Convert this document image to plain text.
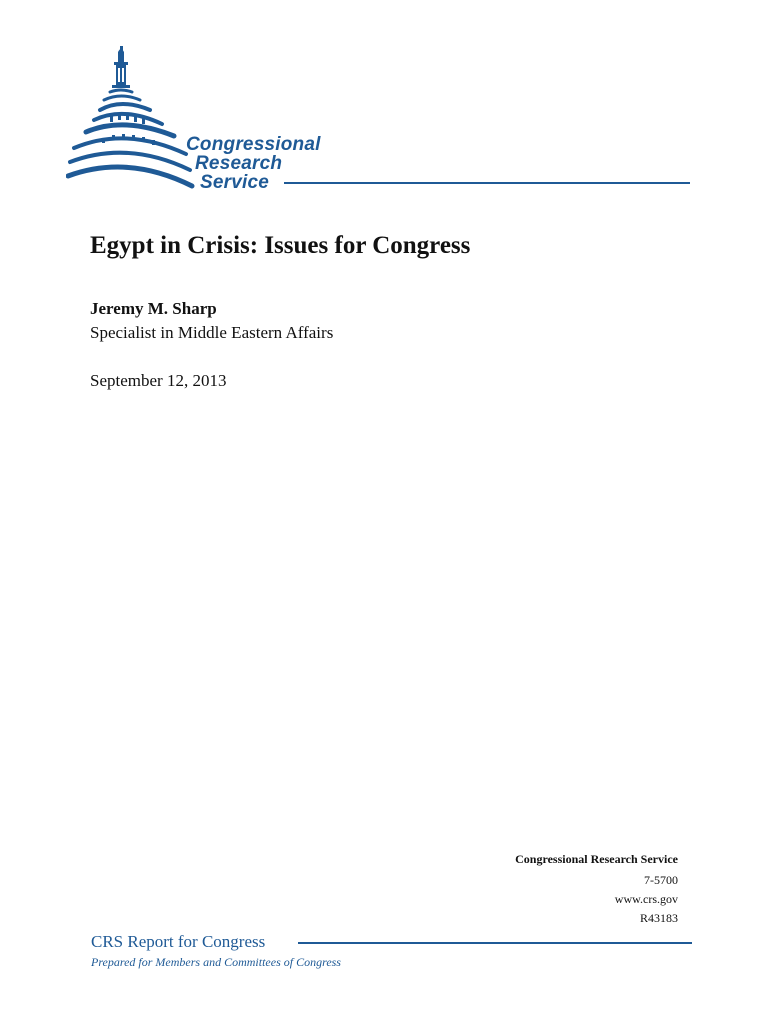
Congressional
Research
Service
Egypt in Crisis: Issues for Congress
Jeremy M. Sharp
Specialist in Middle Eastern Affairs
September 12, 2013
Congressional Research Service
7-5700
www.crs.gov
R43183
CRS Report for Congress
Prepared for Members and Committees of Congress
